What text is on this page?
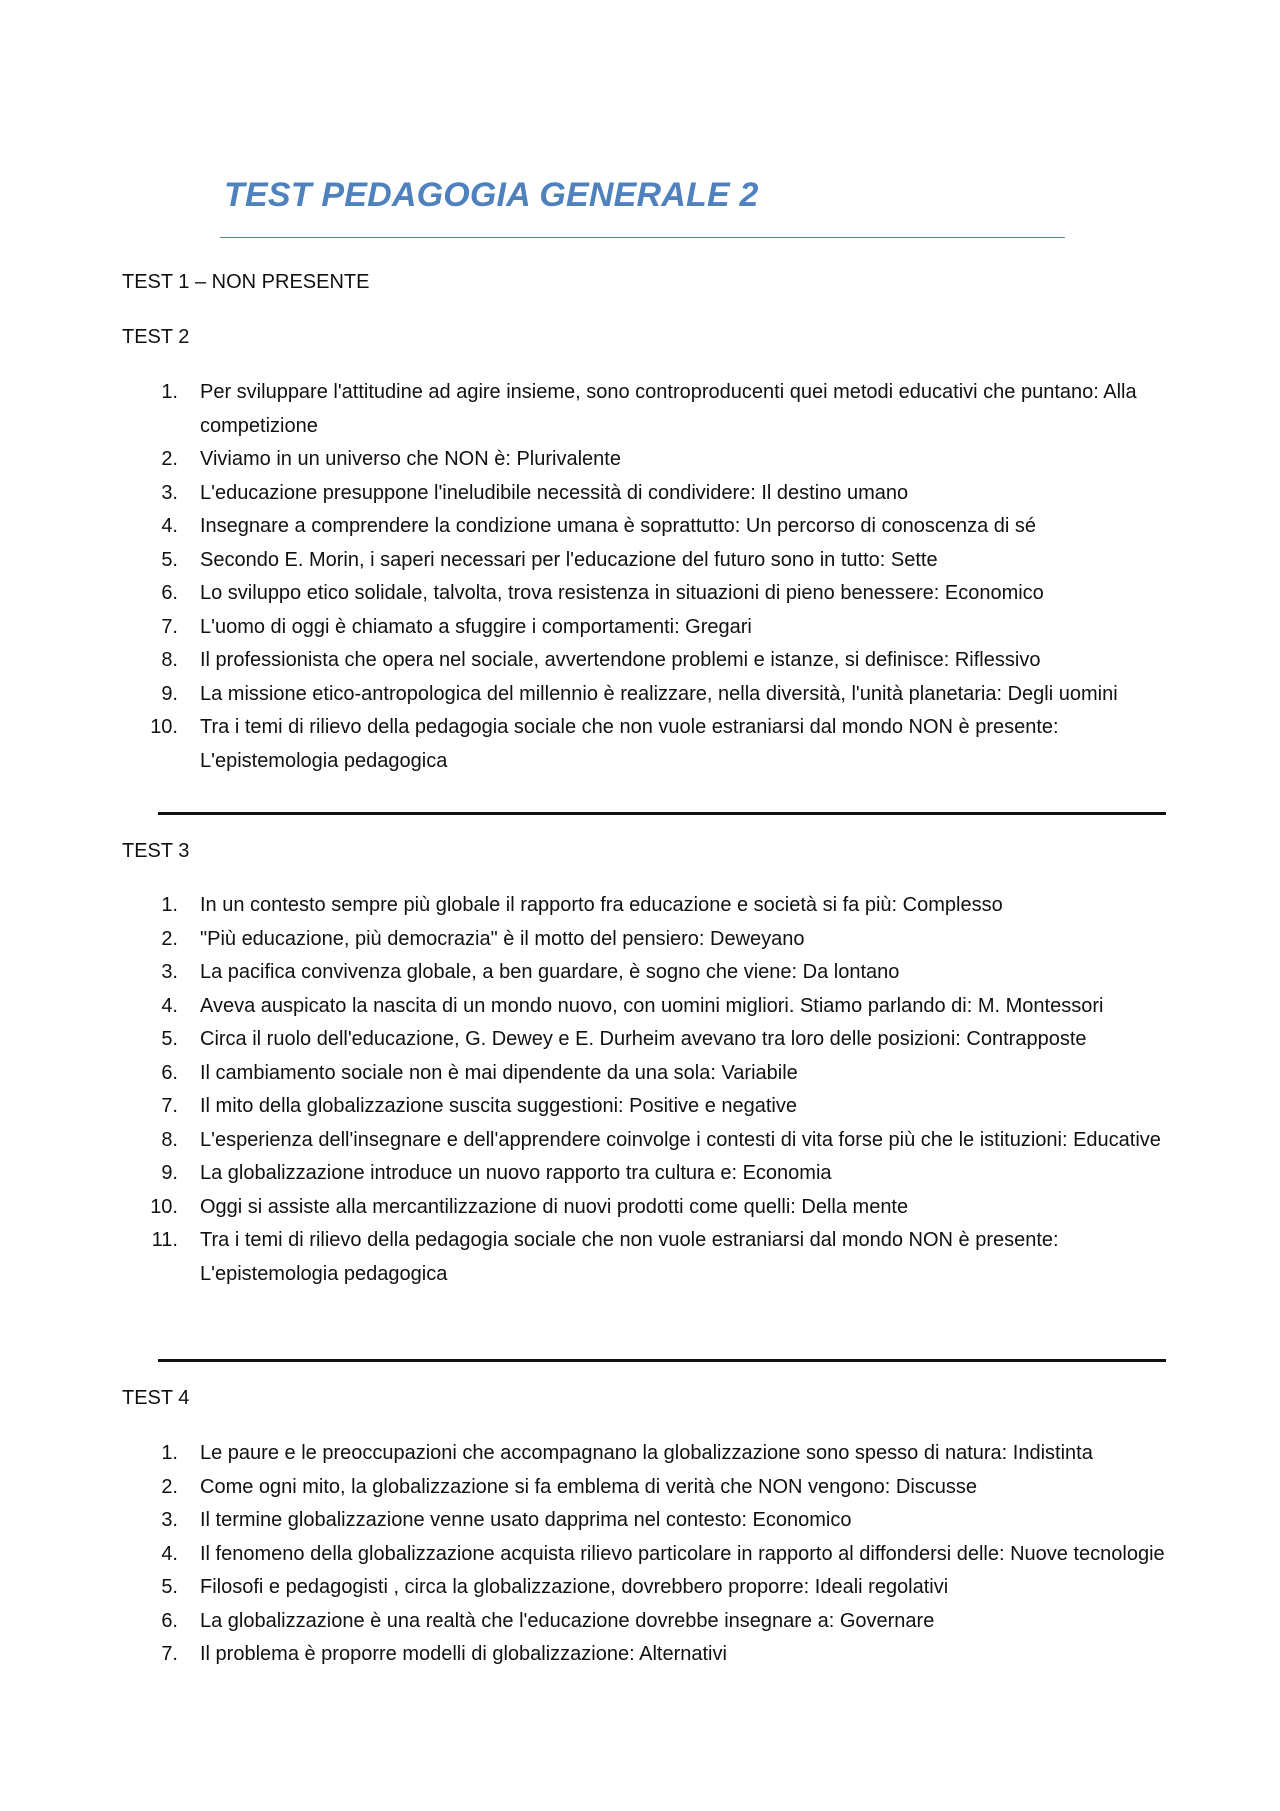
TEST PEDAGOGIA GENERALE 2
TEST 1 – NON PRESENTE
TEST 2
1. Per sviluppare l'attitudine ad agire insieme, sono controproducenti quei metodi educativi che puntano: Alla competizione
2. Viviamo in un universo che NON è: Plurivalente
3. L'educazione presuppone l'ineludibile necessità di condividere: Il destino umano
4. Insegnare a comprendere la condizione umana è soprattutto: Un percorso di conoscenza di sé
5. Secondo E. Morin, i saperi necessari per l'educazione del futuro sono in tutto: Sette
6. Lo sviluppo etico solidale, talvolta, trova resistenza in situazioni di pieno benessere: Economico
7. L'uomo di oggi è chiamato a sfuggire i comportamenti: Gregari
8. Il professionista che opera nel sociale, avvertendone problemi e istanze, si definisce: Riflessivo
9. La missione etico-antropologica del millennio è realizzare, nella diversità, l'unità planetaria: Degli uomini
10. Tra i temi di rilievo della pedagogia sociale che non vuole estraniarsi dal mondo NON è presente: L'epistemologia pedagogica
TEST 3
1. In un contesto sempre più globale il rapporto fra educazione e società si fa più: Complesso
2. "Più educazione, più democrazia" è il motto del pensiero: Deweyano
3. La pacifica convivenza globale, a ben guardare, è sogno che viene: Da lontano
4. Aveva auspicato la nascita di un mondo nuovo, con uomini migliori. Stiamo parlando di: M. Montessori
5. Circa il ruolo dell'educazione, G. Dewey e E. Durheim avevano tra loro delle posizioni: Contrapposte
6. Il cambiamento sociale non è mai dipendente da una sola: Variabile
7. Il mito della globalizzazione suscita suggestioni: Positive e negative
8. L'esperienza dell'insegnare e dell'apprendere coinvolge i contesti di vita forse più che le istituzioni: Educative
9. La globalizzazione introduce un nuovo rapporto tra cultura e: Economia
10. Oggi si assiste alla mercantilizzazione di nuovi prodotti come quelli: Della mente
11. Tra i temi di rilievo della pedagogia sociale che non vuole estraniarsi dal mondo NON è presente: L'epistemologia pedagogica
TEST 4
1. Le paure e le preoccupazioni che accompagnano la globalizzazione sono spesso di natura: Indistinta
2. Come ogni mito, la globalizzazione si fa emblema di verità che NON vengono: Discusse
3. Il termine globalizzazione venne usato dapprima nel contesto: Economico
4. Il fenomeno della globalizzazione acquista rilievo particolare in rapporto al diffondersi delle: Nuove tecnologie
5. Filosofi e pedagogisti , circa la globalizzazione, dovrebbero proporre: Ideali regolativi
6. La globalizzazione è una realtà che l'educazione dovrebbe insegnare a: Governare
7. Il problema è proporre modelli di globalizzazione: Alternativi
